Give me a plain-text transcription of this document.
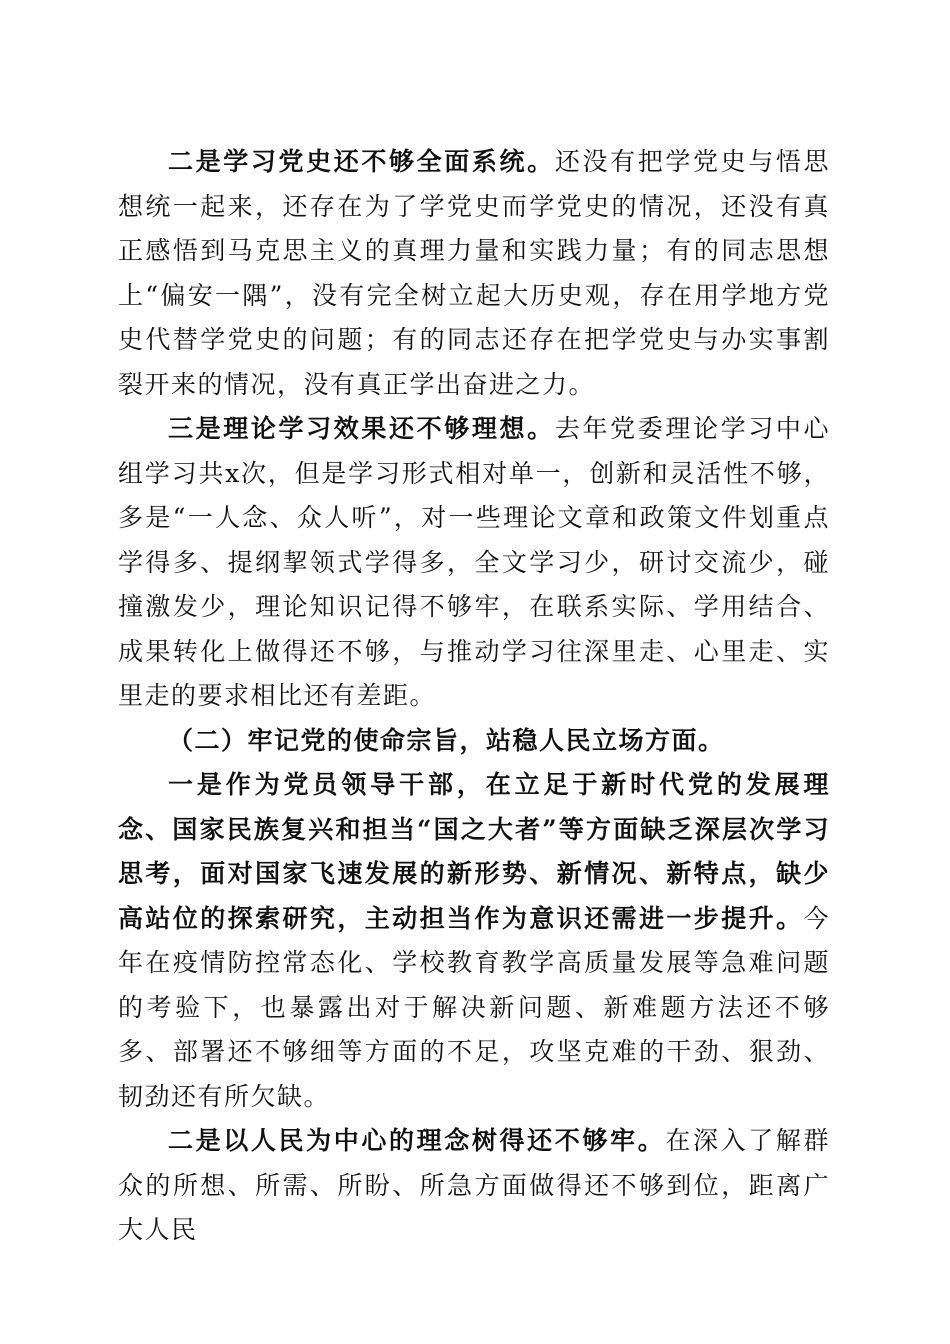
二是学习党史还不够全面系统。还没有把学党史与悟思想统一起来，还存在为了学党史而学党史的情况，还没有真正感悟到马克思主义的真理力量和实践力量；有的同志思想上“偏安一隅”，没有完全树立起大历史观，存在用学地方党史代替学党史的问题；有的同志还存在把学党史与办实事割裂开来的情况，没有真正学出奋进之力。

三是理论学习效果还不够理想。去年党委理论学习中心组学习共x次，但是学习形式相对单一，创新和灵活性不够，多是“一人念、众人听”，对一些理论文章和政策文件划重点学得多、提纲挈领式学得多，全文学习少，研讨交流少，碰撞激发少，理论知识记得不够牢，在联系实际、学用结合、成果转化上做得还不够，与推动学习往深里走、心里走、实里走的要求相比还有差距。

（二）牢记党的使命宗旨，站稳人民立场方面。

一是作为党员领导干部，在立足于新时代党的发展理念、国家民族复兴和担当“国之大者”等方面缺乏深层次学习思考，面对国家飞速发展的新形势、新情况、新特点，缺少高站位的探索研究，主动担当作为意识还需进一步提升。今年在疫情防控常态化、学校教育教学高质量发展等急难问题的考验下，也暴露出对于解决新问题、新难题方法还不够多、部署还不够细等方面的不足，攻坚克难的干劲、狠劲、韧劲还有所欠缺。

二是以人民为中心的理念树得还不够牢。在深入了解群众的所想、所需、所盼、所急方面做得还不够到位，距离广大人民
